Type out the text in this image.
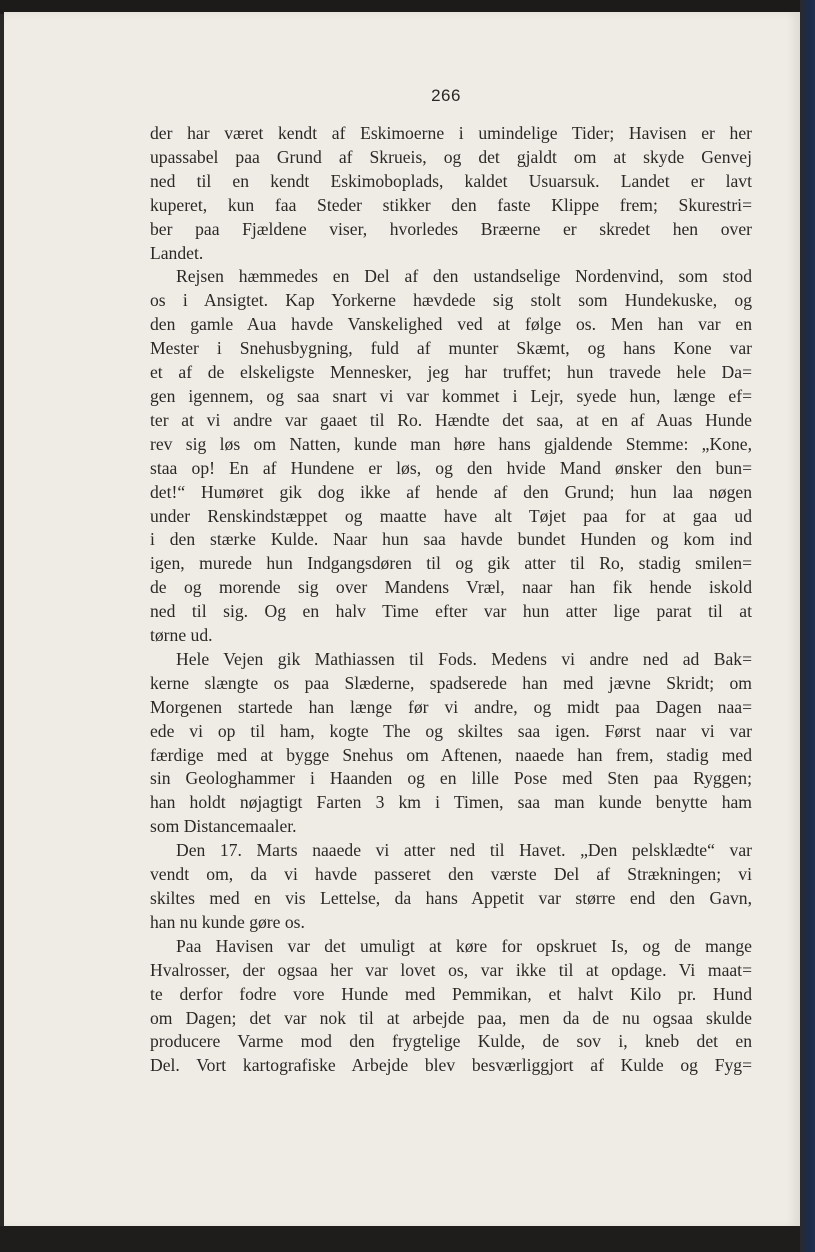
266
der har været kendt af Eskimoerne i umindelige Tider; Havisen er her
upassabel paa Grund af Skrueis, og det gjaldt om at skyde Genvej
ned til en kendt Eskimoboplads, kaldet Usuarsuk. Landet er lavt
kuperet, kun faa Steder stikker den faste Klippe frem; Skurestri=
ber paa Fjældene viser, hvorledes Bræerne er skredet hen over
Landet.
Rejsen hæmmedes en Del af den ustandselige Nordenvind, som stod
os i Ansigtet. Kap Yorkerne hævdede sig stolt som Hundekuske, og
den gamle Aua havde Vanskelighed ved at følge os. Men han var en
Mester i Snehusbygning, fuld af munter Skæmt, og hans Kone var
et af de elskeligste Mennesker, jeg har truffet; hun travede hele Da=
gen igennem, og saa snart vi var kommet i Lejr, syede hun, længe ef=
ter at vi andre var gaaet til Ro. Hændte det saa, at en af Auas Hunde
rev sig løs om Natten, kunde man høre hans gjaldende Stemme: „Kone,
staa op! En af Hundene er løs, og den hvide Mand ønsker den bun=
det!“ Humøret gik dog ikke af hende af den Grund; hun laa nøgen
under Renskindstæppet og maatte have alt Tøjet paa for at gaa ud
i den stærke Kulde. Naar hun saa havde bundet Hunden og kom ind
igen, murede hun Indgangsdøren til og gik atter til Ro, stadig smilen=
de og morende sig over Mandens Vræl, naar han fik hende iskold
ned til sig. Og en halv Time efter var hun atter lige parat til at
tørne ud.
Hele Vejen gik Mathiassen til Fods. Medens vi andre ned ad Bak=
kerne slængte os paa Slæderne, spadserede han med jævne Skridt; om
Morgenen startede han længe før vi andre, og midt paa Dagen naa=
ede vi op til ham, kogte The og skiltes saa igen. Først naar vi var
færdige med at bygge Snehus om Aftenen, naaede han frem, stadig med
sin Geologhammer i Haanden og en lille Pose med Sten paa Ryggen;
han holdt nøjagtigt Farten 3 km i Timen, saa man kunde benytte ham
som Distancemaaler.
Den 17. Marts naaede vi atter ned til Havet. „Den pelsklædte“ var
vendt om, da vi havde passeret den værste Del af Strækningen; vi
skiltes med en vis Lettelse, da hans Appetit var større end den Gavn,
han nu kunde gøre os.
Paa Havisen var det umuligt at køre for opskruet Is, og de mange
Hvalrosser, der ogsaa her var lovet os, var ikke til at opdage. Vi maat=
te derfor fodre vore Hunde med Pemmikan, et halvt Kilo pr. Hund
om Dagen; det var nok til at arbejde paa, men da de nu ogsaa skulde
producere Varme mod den frygtelige Kulde, de sov i, kneb det en
Del. Vort kartografiske Arbejde blev besværliggjort af Kulde og Fyg=
